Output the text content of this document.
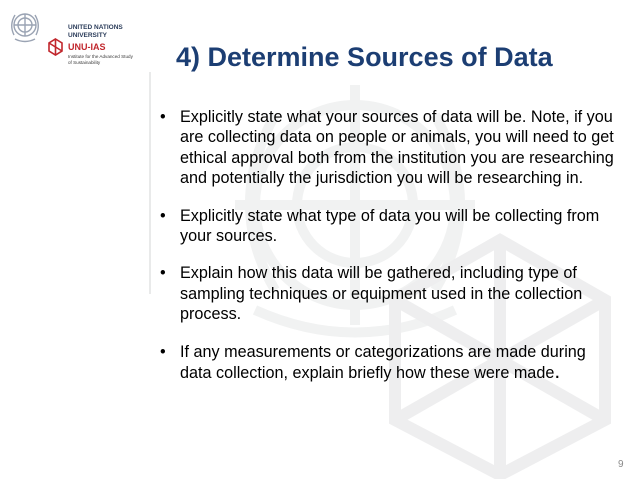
UNITED NATIONS
UNIVERSITY
UNU-IAS
Institute for the Advanced Study
of Sustainability	4) Determine Sources of Data
• Explicitly state what your sources of data will be. Note, if you are collecting data on people or animals, you will need to get ethical approval both from the institution you are researching and potentially the jurisdiction you will be researching in.
• Explicitly state what type of data you will be collecting from your sources.
• Explain how this data will be gathered, including type of sampling techniques or equipment used in the collection process.
• If any measurements or categorizations are made during data collection, explain briefly how these were made.
9
